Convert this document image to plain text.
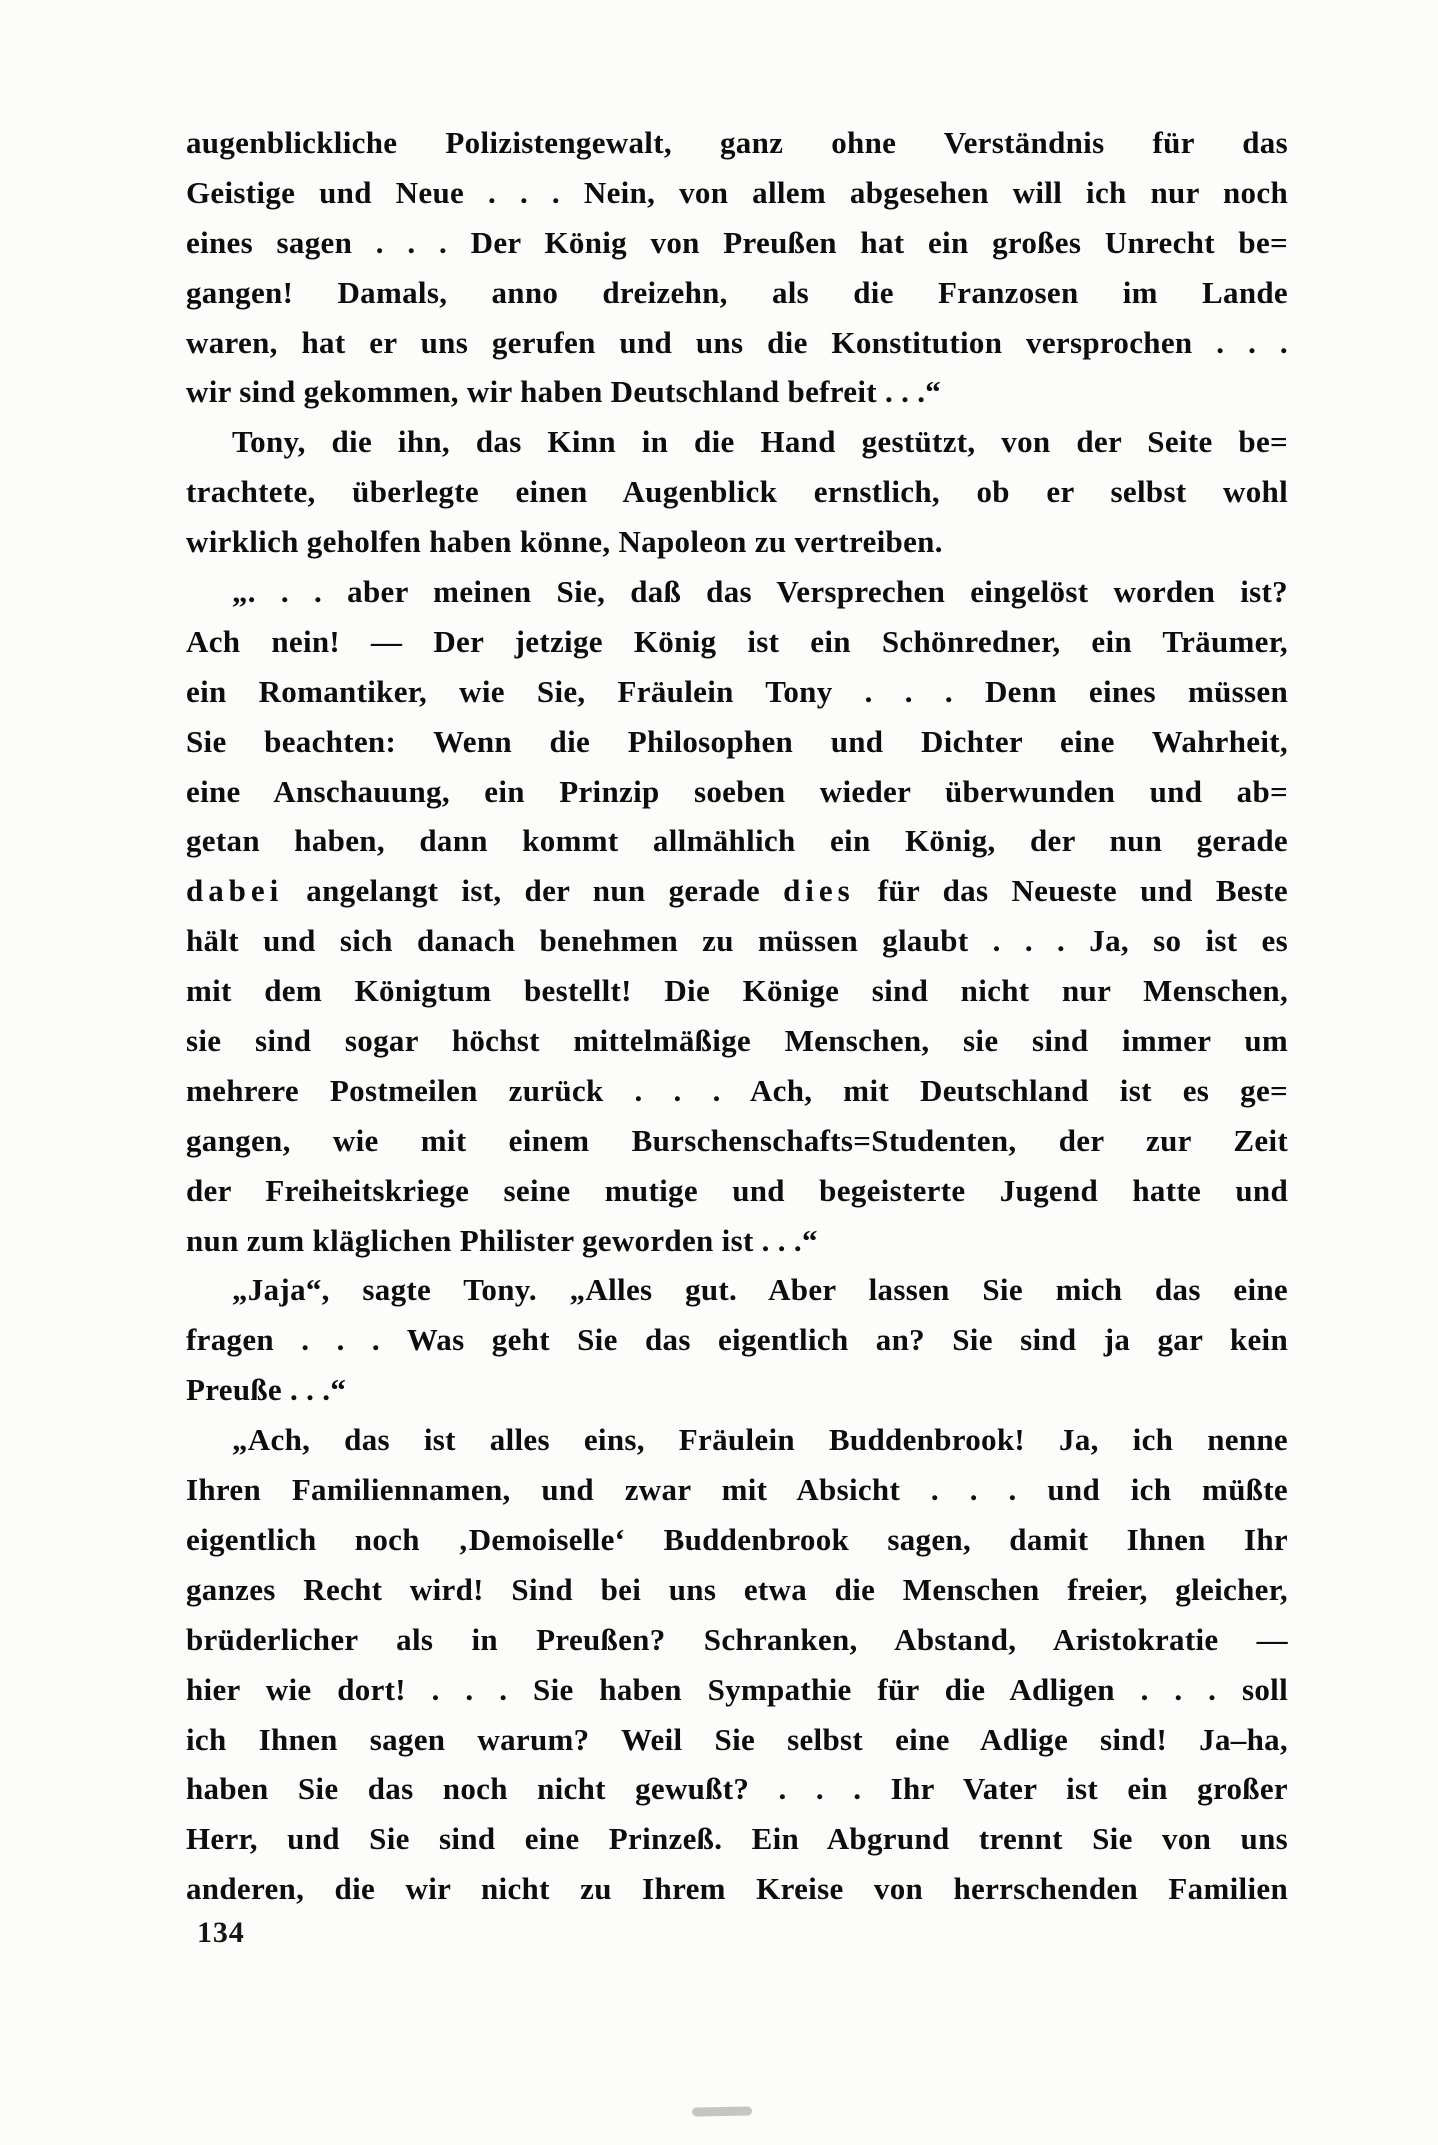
augenblickliche Polizistengewalt, ganz ohne Verständnis für das
Geistige und Neue . . . Nein, von allem abgesehen will ich nur noch
eines sagen . . . Der König von Preußen hat ein großes Unrecht be=
gangen! Damals, anno dreizehn, als die Franzosen im Lande
waren, hat er uns gerufen und uns die Konstitution versprochen . . .
wir sind gekommen, wir haben Deutschland befreit . . .“
Tony, die ihn, das Kinn in die Hand gestützt, von der Seite be=
trachtete, überlegte einen Augenblick ernstlich, ob er selbst wohl
wirklich geholfen haben könne, Napoleon zu vertreiben.
„. . . aber meinen Sie, daß das Versprechen eingelöst worden ist?
Ach nein! — Der jetzige König ist ein Schönredner, ein Träumer,
ein Romantiker, wie Sie, Fräulein Tony . . . Denn eines müssen
Sie beachten: Wenn die Philosophen und Dichter eine Wahrheit,
eine Anschauung, ein Prinzip soeben wieder überwunden und ab=
getan haben, dann kommt allmählich ein König, der nun gerade
dabei angelangt ist, der nun gerade dies für das Neueste und Beste
hält und sich danach benehmen zu müssen glaubt . . . Ja, so ist es
mit dem Königtum bestellt! Die Könige sind nicht nur Menschen,
sie sind sogar höchst mittelmäßige Menschen, sie sind immer um
mehrere Postmeilen zurück . . . Ach, mit Deutschland ist es ge=
gangen, wie mit einem Burschenschafts=Studenten, der zur Zeit
der Freiheitskriege seine mutige und begeisterte Jugend hatte und
nun zum kläglichen Philister geworden ist . . .“
„Jaja“, sagte Tony. „Alles gut. Aber lassen Sie mich das eine
fragen . . . Was geht Sie das eigentlich an? Sie sind ja gar kein
Preuße . . .“
„Ach, das ist alles eins, Fräulein Buddenbrook! Ja, ich nenne
Ihren Familiennamen, und zwar mit Absicht . . . und ich müßte
eigentlich noch ‚Demoiselle‘ Buddenbrook sagen, damit Ihnen Ihr
ganzes Recht wird! Sind bei uns etwa die Menschen freier, gleicher,
brüderlicher als in Preußen? Schranken, Abstand, Aristokratie —
hier wie dort! . . . Sie haben Sympathie für die Adligen . . . soll
ich Ihnen sagen warum? Weil Sie selbst eine Adlige sind! Ja–ha,
haben Sie das noch nicht gewußt? . . . Ihr Vater ist ein großer
Herr, und Sie sind eine Prinzeß. Ein Abgrund trennt Sie von uns
anderen, die wir nicht zu Ihrem Kreise von herrschenden Familien
134
